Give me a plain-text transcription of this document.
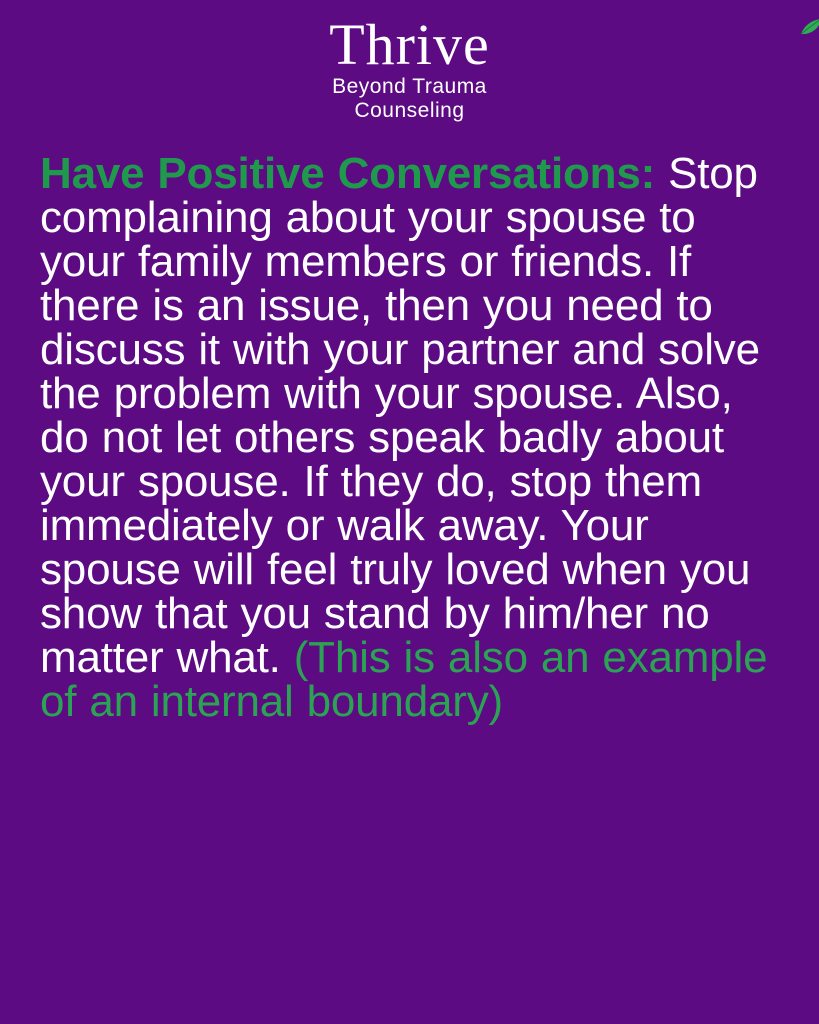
Thrive
Beyond Trauma
Counseling

Have Positive Conversations: Stop complaining about your spouse to your family members or friends. If there is an issue, then you need to discuss it with your partner and solve the problem with your spouse. Also, do not let others speak badly about your spouse. If they do, stop them immediately or walk away. Your spouse will feel truly loved when you show that you stand by him/her no matter what. (This is also an example of an internal boundary)
